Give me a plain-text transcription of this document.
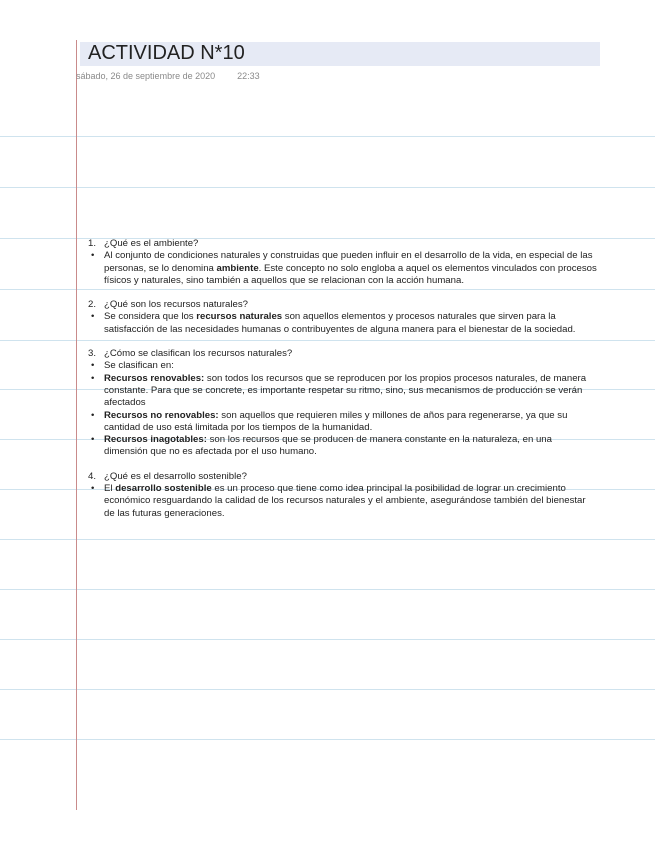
ACTIVIDAD N*10
sábado, 26 de septiembre de 2020 22:33

1. ¿Qué es el ambiente?

• Al conjunto de condiciones naturales y construidas que pueden influir en el desarrollo de la vida, en especial de las personas, se lo denomina ambiente. Este concepto no solo engloba a aquel os elementos vinculados con procesos físicos y naturales, sino también a aquellos que se relacionan con la acción humana.

2. ¿Qué son los recursos naturales?

• Se considera que los recursos naturales son aquellos elementos y procesos naturales que sirven para la satisfacción de las necesidades humanas o contribuyentes de alguna manera para el bienestar de la sociedad.

3. ¿Cómo se clasifican los recursos naturales?

• Se clasifican en:
• Recursos renovables: son todos los recursos que se reproducen por los propios procesos naturales, de manera constante. Para que se concrete, es importante respetar su ritmo, sino, sus mecanismos de producción se verán afectados
• Recursos no renovables: son aquellos que requieren miles y millones de años para regenerarse, ya que su cantidad de uso está limitada por los tiempos de la humanidad.
• Recursos inagotables: son los recursos que se producen de manera constante en la naturaleza, en una dimensión que no es afectada por el uso humano.

4. ¿Qué es el desarrollo sostenible?

• El desarrollo sostenible es un proceso que tiene como idea principal la posibilidad de lograr un crecimiento económico resguardando la calidad de los recursos naturales y el ambiente, asegurándose también del bienestar de las futuras generaciones.
